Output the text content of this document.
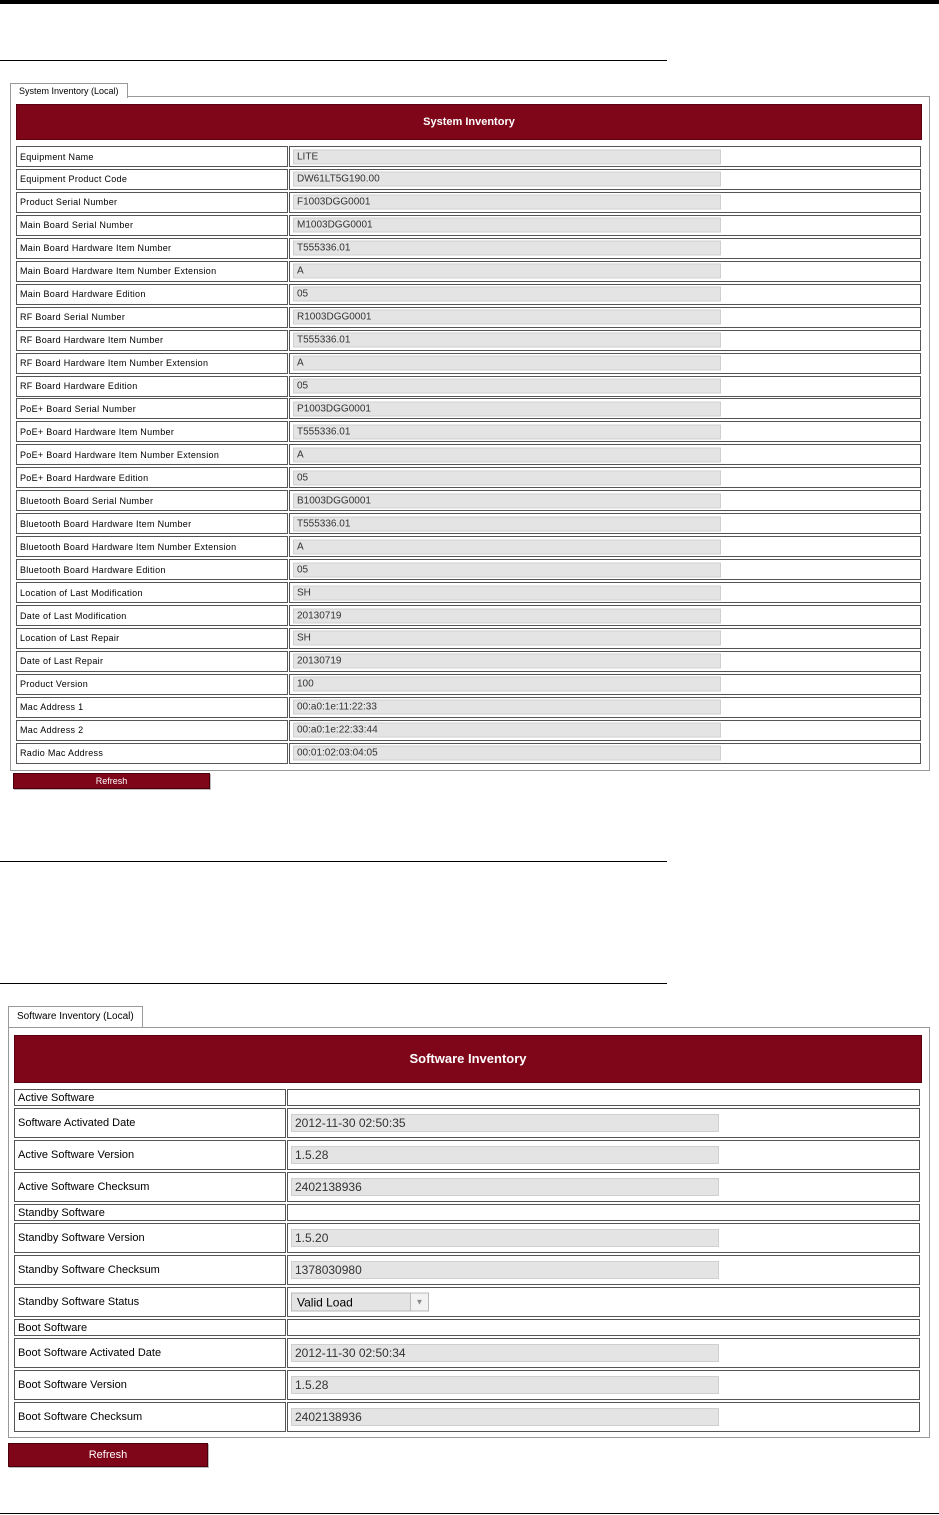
System Inventory (Local)
System Inventory
Equipment Name	LITE
Equipment Product Code	DW61LT5G190.00
Product Serial Number	F1003DGG0001
Main Board Serial Number	M1003DGG0001
Main Board Hardware Item Number	T555336.01
Main Board Hardware Item Number Extension	A
Main Board Hardware Edition	05
RF Board Serial Number	R1003DGG0001
RF Board Hardware Item Number	T555336.01
RF Board Hardware Item Number Extension	A
RF Board Hardware Edition	05
PoE+ Board Serial Number	P1003DGG0001
PoE+ Board Hardware Item Number	T555336.01
PoE+ Board Hardware Item Number Extension	A
PoE+ Board Hardware Edition	05
Bluetooth Board Serial Number	B1003DGG0001
Bluetooth Board Hardware Item Number	T555336.01
Bluetooth Board Hardware Item Number Extension	A
Bluetooth Board Hardware Edition	05
Location of Last Modification	SH
Date of Last Modification	20130719
Location of Last Repair	SH
Date of Last Repair	20130719
Product Version	100
Mac Address 1	00:a0:1e:11:22:33
Mac Address 2	00:a0:1e:22:33:44
Radio Mac Address	00:01:02:03:04:05
Refresh
Software Inventory (Local)
Software Inventory
Active Software
Software Activated Date	2012-11-30 02:50:35
Active Software Version	1.5.28
Active Software Checksum	2402138936
Standby Software
Standby Software Version	1.5.20
Standby Software Checksum	1378030980
Standby Software Status	Valid Load	▼
Boot Software
Boot Software Activated Date	2012-11-30 02:50:34
Boot Software Version	1.5.28
Boot Software Checksum	2402138936
Refresh
